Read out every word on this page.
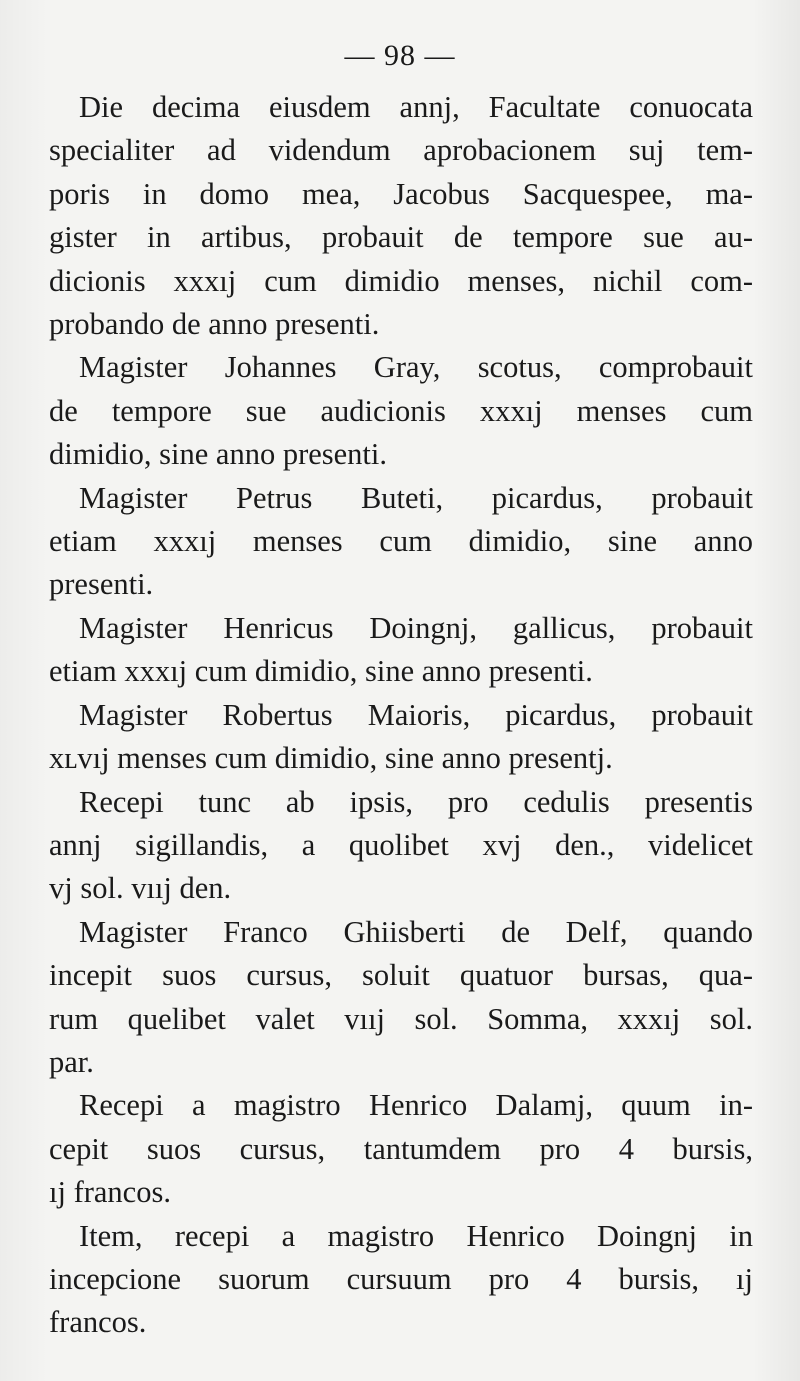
— 98 —
Die decima eiusdem annj, Facultate conuocata
specialiter ad videndum aprobacionem suj tem-
poris in domo mea, Jacobus Sacquespee, ma-
gister in artibus, probauit de tempore sue au-
dicionis xxxıj cum dimidio menses, nichil com-
probando de anno presenti.
Magister Johannes Gray, scotus, comprobauit
de tempore sue audicionis xxxıj menses cum
dimidio, sine anno presenti.
Magister Petrus Buteti, picardus, probauit
etiam xxxıj menses cum dimidio, sine anno
presenti.
Magister Henricus Doingnj, gallicus, probauit
etiam xxxıj cum dimidio, sine anno presenti.
Magister Robertus Maioris, picardus, probauit
xʟvıj menses cum dimidio, sine anno presentj.
Recepi tunc ab ipsis, pro cedulis presentis
annj sigillandis, a quolibet xvj den., videlicet
vj sol. vııj den.
Magister Franco Ghiisberti de Delf, quando
incepit suos cursus, soluit quatuor bursas, qua-
rum quelibet valet vııj sol. Somma, xxxıj sol.
par.
Recepi a magistro Henrico Dalamj, quum in-
cepit suos cursus, tantumdem pro 4 bursis,
ıj francos.
Item, recepi a magistro Henrico Doingnj in
incepcione suorum cursuum pro 4 bursis, ıj
francos.
